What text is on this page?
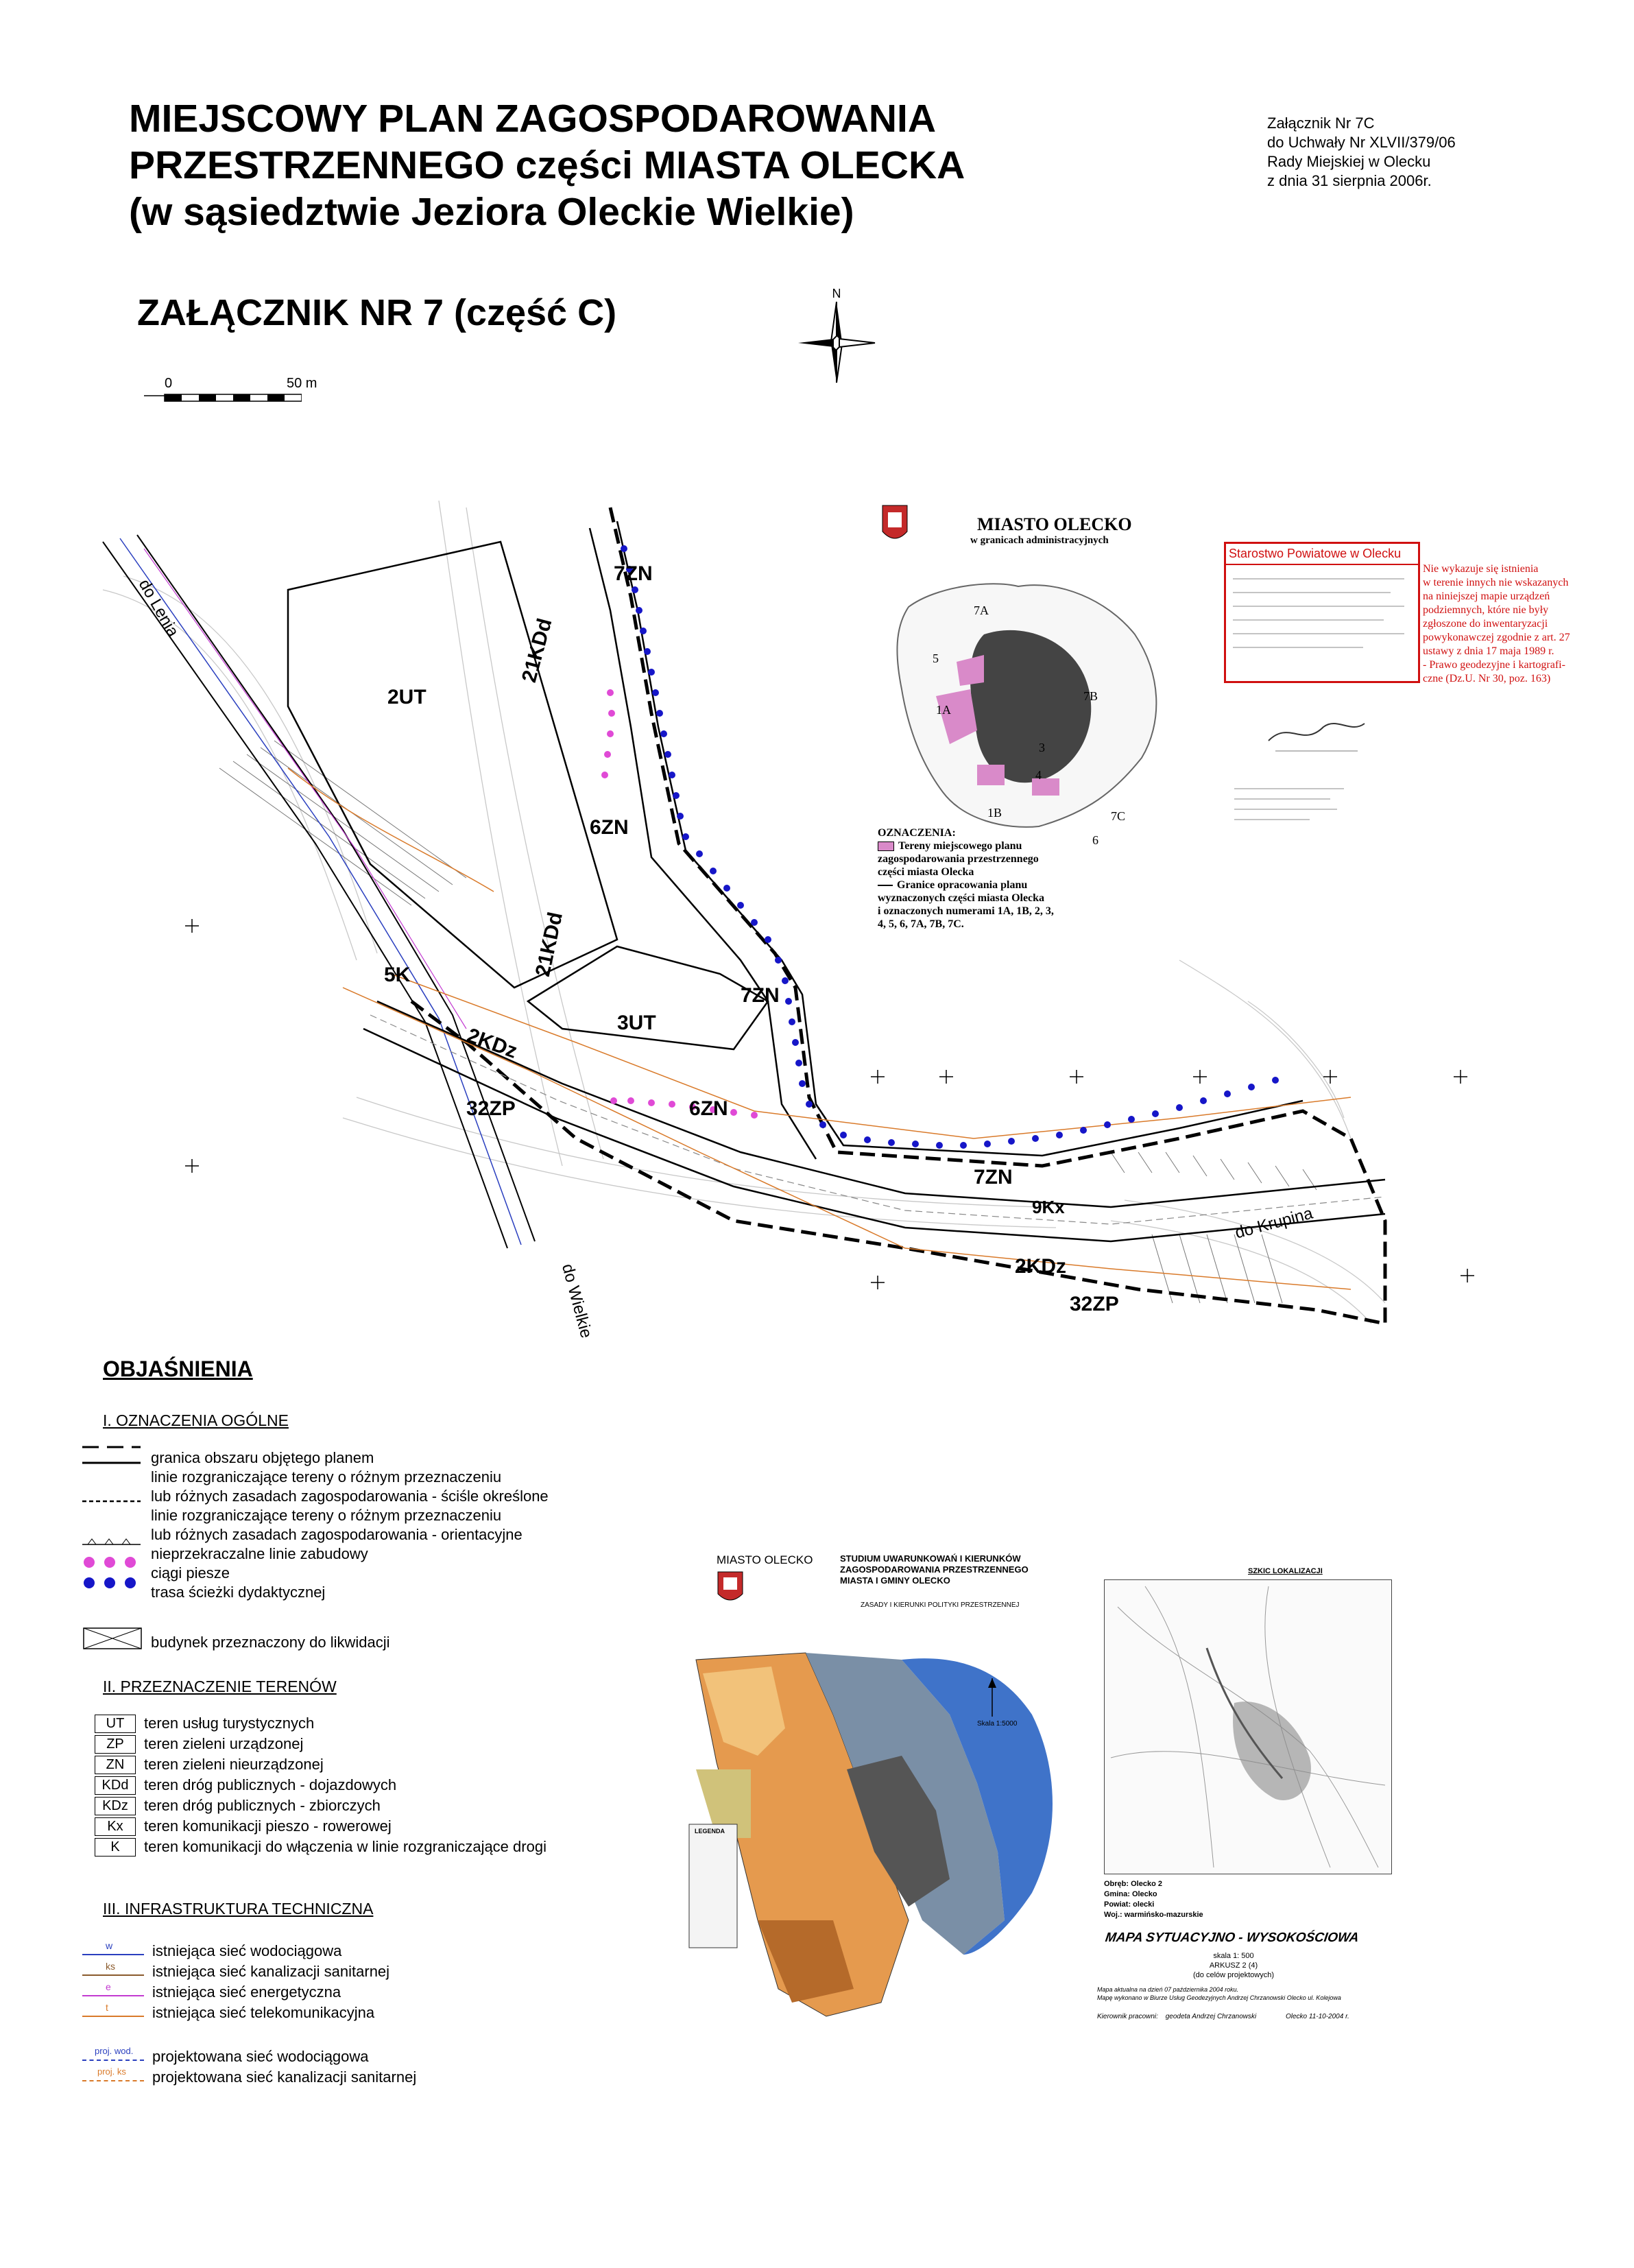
MIEJSCOWY PLAN ZAGOSPODAROWANIA
PRZESTRZENNEGO części MIASTA OLECKA
(w sąsiedztwie Jeziora Oleckie Wielkie)
Załącznik Nr 7C
do Uchwały Nr XLVII/379/06
Rady Miejskiej w Olecku
z dnia 31 sierpnia 2006r.
ZAŁĄCZNIK NR 7 (część C)	N
0	50 m
2UT
3UT
6ZN
6ZN
7ZN
7ZN
7ZN
21KDd
21KDd
5K
2KDz
2KDz
32ZP
32ZP
9Kx	do Krupina
do Wielkie
do Lenia
MIASTO OLECKO
w granicach administracyjnych
7A
5
7B
1A
3
4
1B
6
7C
OZNACZENIA:
Tereny miejscowego planu
zagospodarowania przestrzennego
części miasta Olecka
Granice opracowania planu
wyznaczonych części miasta Olecka
i oznaczonych numerami 1A, 1B, 2, 3,
4, 5, 6, 7A, 7B, 7C.
Starostwo Powiatowe w Olecku
Nie wykazuje się istnienia
w terenie innych nie wskazanych
na niniejszej mapie urządzeń
podziemnych, które nie były
zgłoszone do inwentaryzacji
powykonawczej zgodnie z art. 27
ustawy z dnia 17 maja 1989 r.
- Prawo geodezyjne i kartografi-
czne (Dz.U. Nr 30, poz. 163)
OBJAŚNIENIA
I. OZNACZENIA OGÓLNE
granica obszaru objętego planem
linie rozgraniczające tereny o różnym przeznaczeniu
lub różnych zasadach zagospodarowania - ściśle określone
linie rozgraniczające tereny o różnym przeznaczeniu
lub różnych zasadach zagospodarowania - orientacyjne
nieprzekraczalne linie zabudowy
ciągi piesze
trasa ścieżki dydaktycznej
budynek przeznaczony do likwidacji
II. PRZEZNACZENIE TERENÓW
UT	teren usług turystycznych
ZP	teren zieleni urządzonej
ZN	teren zieleni nieurządzonej
KDd	teren dróg publicznych - dojazdowych
KDz	teren dróg publicznych - zbiorczych
Kx	teren komunikacji pieszo - rowerowej
K	teren komunikacji do włączenia w linie rozgraniczające drogi
III. INFRASTRUKTURA TECHNICZNA
w	istniejąca sieć wodociągowa
ks istniejąca sieć kanalizacji sanitarnej
e	istniejąca sieć energetyczna
t	istniejąca sieć telekomunikacyjna
proj. wod. projektowana sieć wodociągowa
proj. ks projektowana sieć kanalizacji sanitarnej
MIASTO OLECKO	STUDIUM UWARUNKOWAŃ I KIERUNKÓW
ZAGOSPODAROWANIA PRZESTRZENNEGO
MIASTA I GMINY OLECKO
ZASADY I KIERUNKI POLITYKI PRZESTRZENNEJ
LEGENDA
Skala 1:5000
SZKIC LOKALIZACJI
Obręb: Olecko 2
Gmina: Olecko
Powiat: olecki
Woj.: warmińsko-mazurskie
MAPA SYTUACYJNO - WYSOKOŚCIOWA
skala 1: 500
ARKUSZ 2 (4)
(do celów projektowych)
Mapa aktualna na dzień 07 października 2004 roku.
Mapę wykonano w Biurze Usług Geodezyjnych Andrzej Chrzanowski Olecko ul. Kolejowa
Kierownik pracowni: geodeta Andrzej Chrzanowski	Olecko 11-10-2004 r.
